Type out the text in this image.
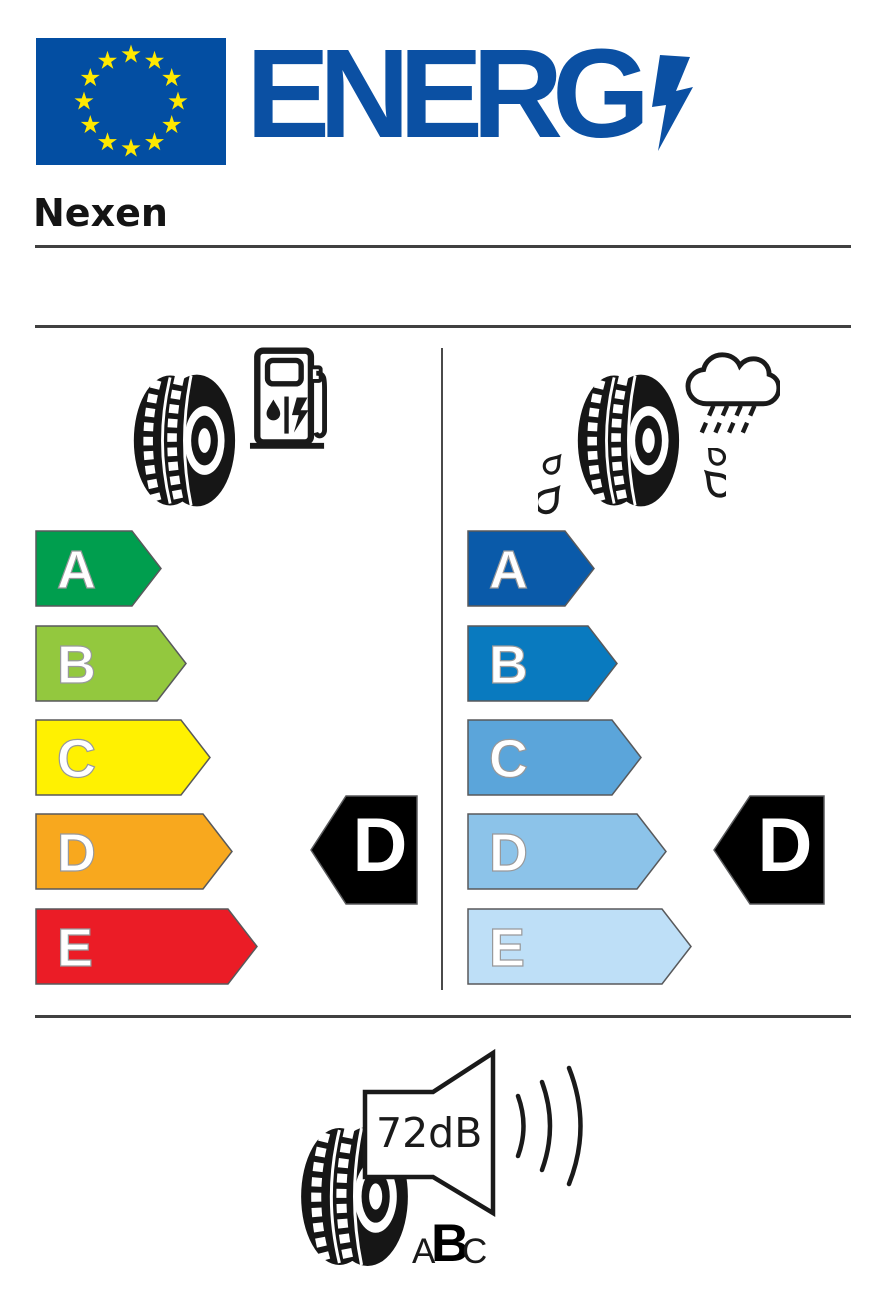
ENERG
Nexen
A
B
C
D
E
A
B
C
D
E
D	D
72dB
A
B
C
